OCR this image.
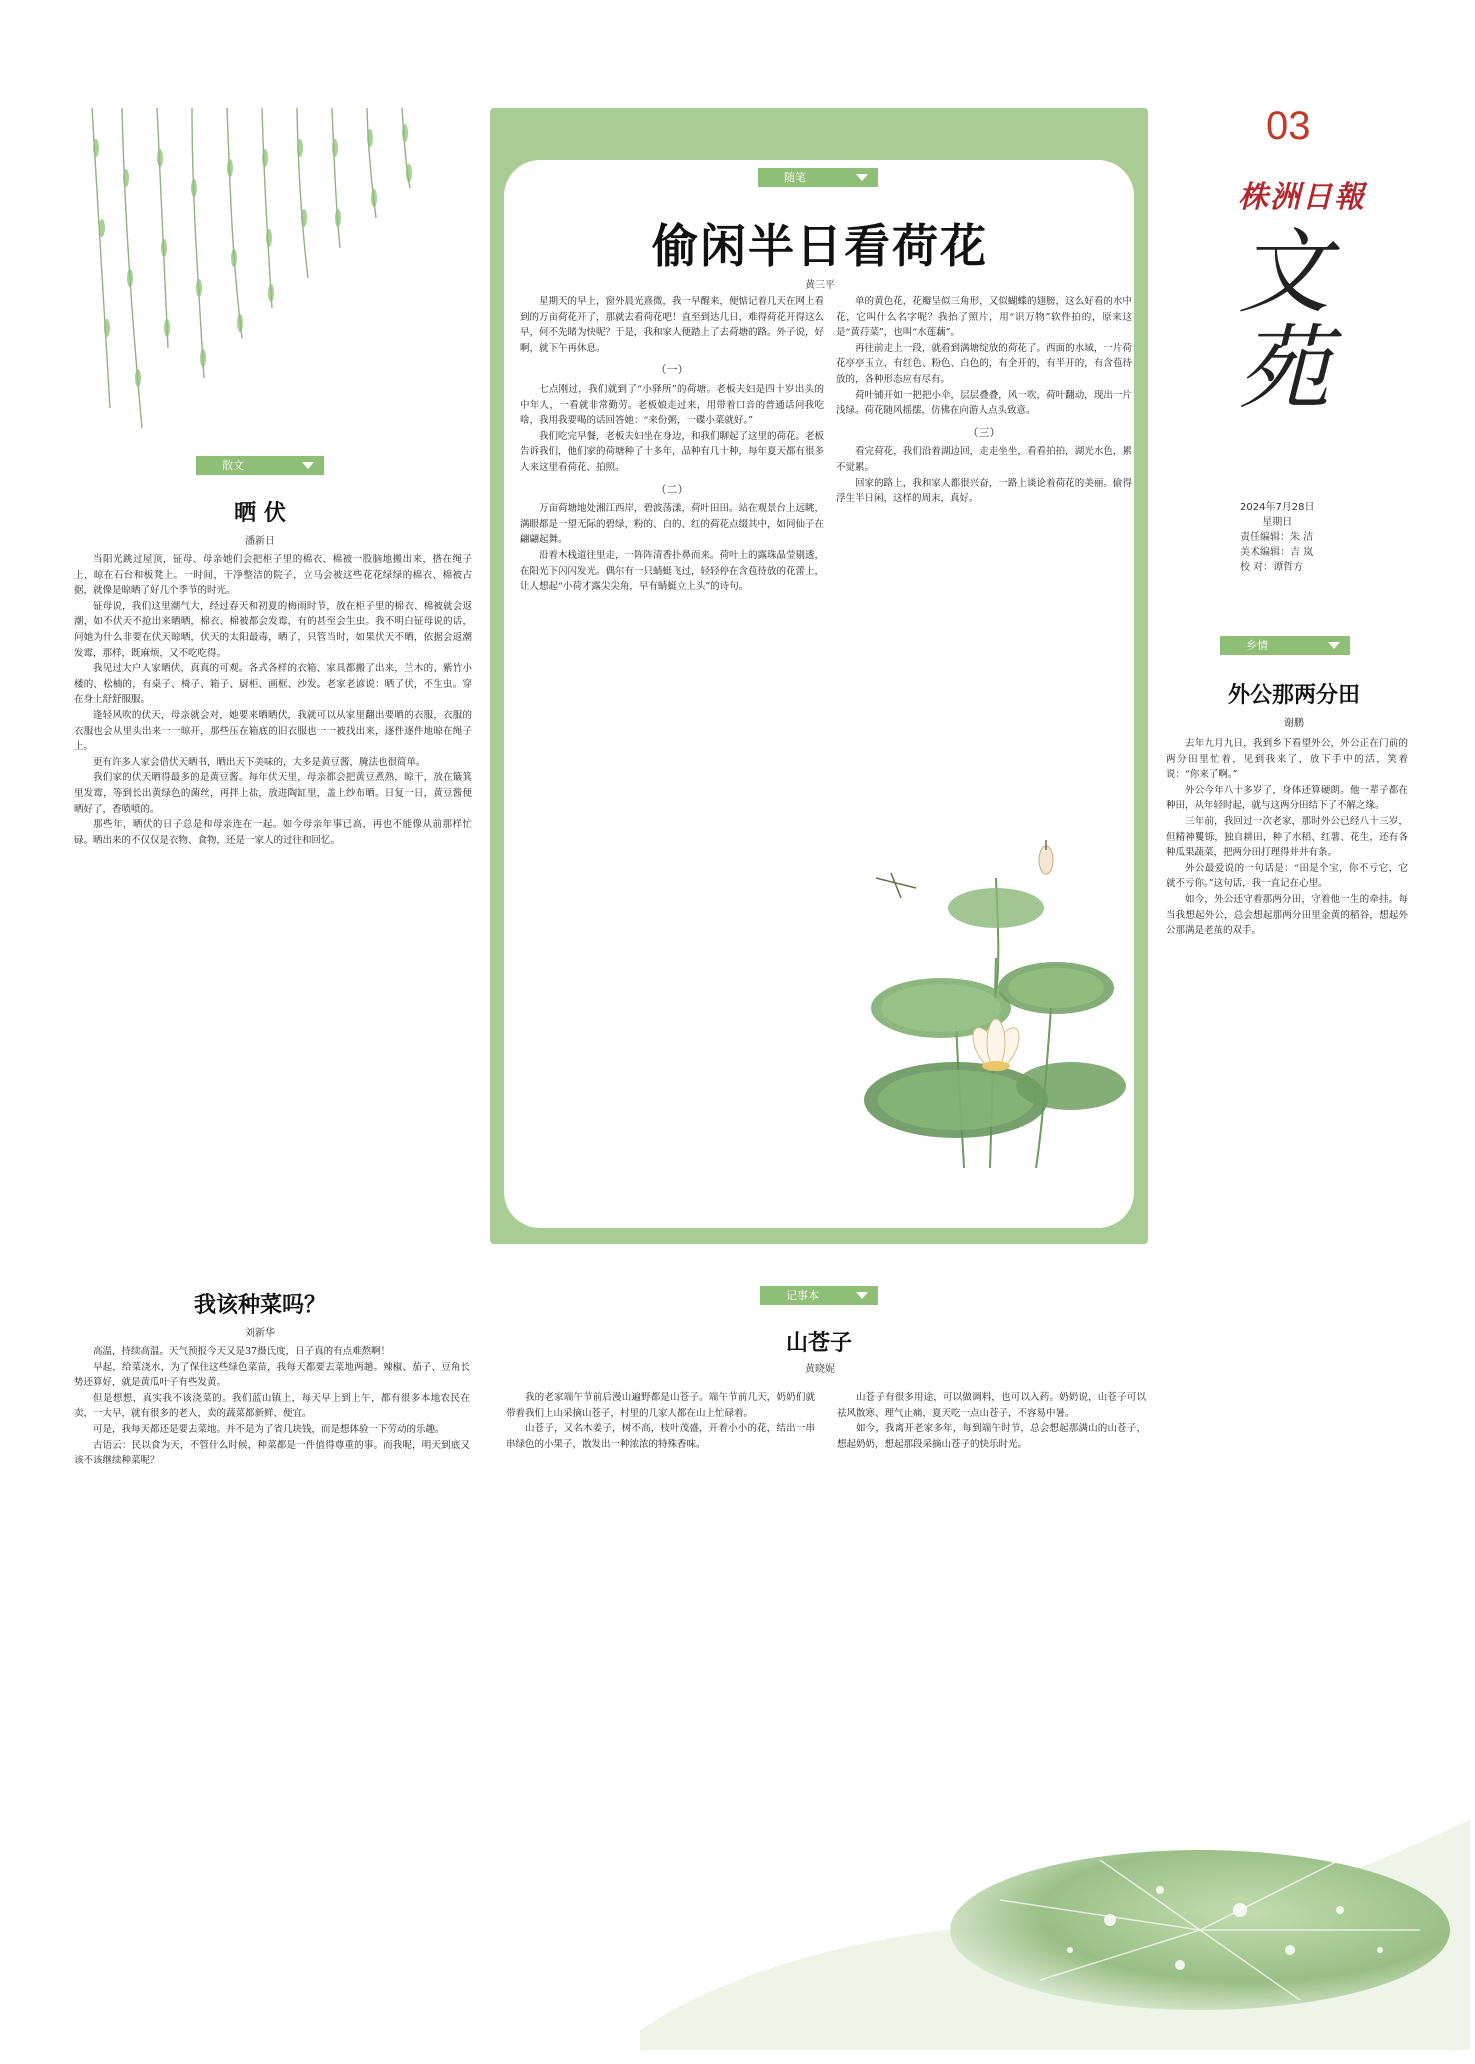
03
株洲日報
文苑
2024年7月28日
星期日
责任编辑：朱 洁
美术编辑：吉 岚
校 对：谭哲方
散文
晒 伏
潘新日

当阳光跳过屋顶，钲母、母亲她们会把柜子里的棉衣、棉被一股脑地搬出来，搭在绳子上，晾在石台和板凳上。一时间，干净整洁的院子，立马会被这些花花绿绿的棉衣、棉被占据，就像是晾晒了好几个季节的时光。

钲母说，我们这里潮气大，经过春天和初夏的梅雨时节，放在柜子里的棉衣、棉被就会返潮，如不伏天不抢出来晒晒，棉衣、棉被都会发霉，有的甚至会生虫。我不明白钲母说的话，问她为什么非要在伏天晾晒，伏天的太阳最毒，晒了，只管当时，如果伏天不晒，依据会返潮发霉，那样，既麻烦，又不吃吃得。

我见过大户人家晒伏，真真的可观。各式各样的衣箱、家具都搬了出来，兰木的、紫竹小楼的、松楠的，有桌子、椅子、箱子、厨柜、画框、沙发。老家老谚说：晒了伏，不生虫。穿在身上舒舒服服。

逢轻风吹的伏天，母亲就会对，她要来晒晒伏，我就可以从家里翻出要晒的衣服，衣服的衣服也会从里头出来一一晾开，那些压在箱底的旧衣服也一一被找出来，逐件逐件地晾在绳子上。

更有许多人家会借伏天晒书，晒出天下美味的，大多是黄豆酱，腌法也很简单。

我们家的伏天晒得最多的是黄豆酱。每年伏天里，母亲都会把黄豆煮熟，晾干，放在簸箕里发霉，等到长出黄绿色的菌丝，再拌上盐，放进陶缸里，盖上纱布晒。日复一日，黄豆酱便晒好了，香喷喷的。

那些年，晒伏的日子总是和母亲连在一起。如今母亲年事已高，再也不能像从前那样忙碌。晒出来的不仅仅是衣物、食物，还是一家人的过往和回忆。

随笔
偷闲半日看荷花
黄三平

星期天的早上，窗外晨光熹微，我一早醒来，便惦记着几天在网上看到的万亩荷花开了，那就去看荷花吧！直至到达几日，难得荷花开得这么早，何不先睹为快呢？于是，我和家人便踏上了去荷塘的路。外子说，好啊，就下午再休息。

（一）

七点刚过，我们就到了“小驿所”的荷塘。老板夫妇是四十岁出头的中年人，一看就非常勤劳。老板娘走过来，用带着口音的普通话问我吃啥，我用我要喝的话回答她：“来份粥，一碟小菜就好。”

我们吃完早餐，老板夫妇坐在身边，和我们聊起了这里的荷花。老板告诉我们，他们家的荷塘种了十多年，品种有几十种，每年夏天都有很多人来这里看荷花、拍照。

（二）

万亩荷塘地处湘江西岸，碧波荡漾，荷叶田田。站在观景台上远眺，满眼都是一望无际的碧绿，粉的、白的、红的荷花点缀其中，如同仙子在翩翩起舞。

沿着木栈道往里走，一阵阵清香扑鼻而来。荷叶上的露珠晶莹剔透，在阳光下闪闪发光。偶尔有一只蜻蜓飞过，轻轻停在含苞待放的花蕾上，让人想起“小荷才露尖尖角，早有蜻蜓立上头”的诗句。

单的黄色花，花瓣呈似三角形，又似蝴蝶的翅膀，这么好看的水中花，它叫什么名字呢？我抬了照片，用“识万物”软件拍的，原来这是“黄荇菜”，也叫“水莲藕”。

再往前走上一段，就看到满塘绽放的荷花了。西面的水域，一片荷花亭亭玉立，有红色、粉色、白色的，有全开的，有半开的，有含苞待放的，各种形态应有尽有。

荷叶铺开如一把把小伞，层层叠叠，风一吹，荷叶翻动，现出一片浅绿。荷花随风摇摆，仿佛在向游人点头致意。

（三）

看完荷花，我们沿着湖边回，走走坐坐，看看拍拍，湖光水色，累不觉累。

回家的路上，我和家人都很兴奋，一路上谈论着荷花的美丽。偷得浮生半日闲，这样的周末，真好。

乡情
外公那两分田
谢鹏

去年九月九日，我到乡下看望外公，外公正在门前的两分田里忙着，见到我来了，放下手中的活，笑着说：“你来了啊。”

外公今年八十多岁了，身体还算硬朗。他一辈子都在种田，从年轻时起，就与这两分田结下了不解之缘。

三年前，我回过一次老家，那时外公已经八十三岁，但精神矍铄，独自耕田，种了水稻、红薯、花生，还有各种瓜果蔬菜，把两分田打理得井井有条。

外公最爱说的一句话是：“田是个宝，你不亏它，它就不亏你。”这句话，我一直记在心里。

如今，外公还守着那两分田，守着他一生的牵挂。每当我想起外公，总会想起那两分田里金黄的稻谷，想起外公那满是老茧的双手。

我该种菜吗？
刘新华

高温，持续高温。天气预报今天又是37摄氏度，日子真的有点难熬啊！

早起，给菜浇水，为了保住这些绿色菜苗，我每天都要去菜地两趟。辣椒、茄子、豆角长势还算好，就是黄瓜叶子有些发黄。

但是想想，真实我不该浇菜的。我们蓝山镇上，每天早上到上午，都有很多本地农民在卖，一大早，就有很多的老人，卖的蔬菜都新鲜、便宜。

可是，我每天都还是要去菜地。并不是为了省几块钱，而是想体验一下劳动的乐趣。

古语云：民以食为天，不管什么时候，种菜都是一件值得尊重的事。而我呢，明天到底又该不该继续种菜呢？

记事本
山苍子
黄晓妮

我的老家端午节前后漫山遍野都是山苍子。端午节前几天，奶奶们就带着我们上山采摘山苍子，村里的几家人都在山上忙碌着。

山苍子，又名木姜子，树不高，枝叶茂盛，开着小小的花，结出一串串绿色的小果子，散发出一种浓浓的特殊香味。

山苍子有很多用途，可以做调料，也可以入药。奶奶说，山苍子可以祛风散寒、理气止痛，夏天吃一点山苍子，不容易中暑。

如今，我离开老家多年，每到端午时节，总会想起那满山的山苍子，想起奶奶，想起那段采摘山苍子的快乐时光。
